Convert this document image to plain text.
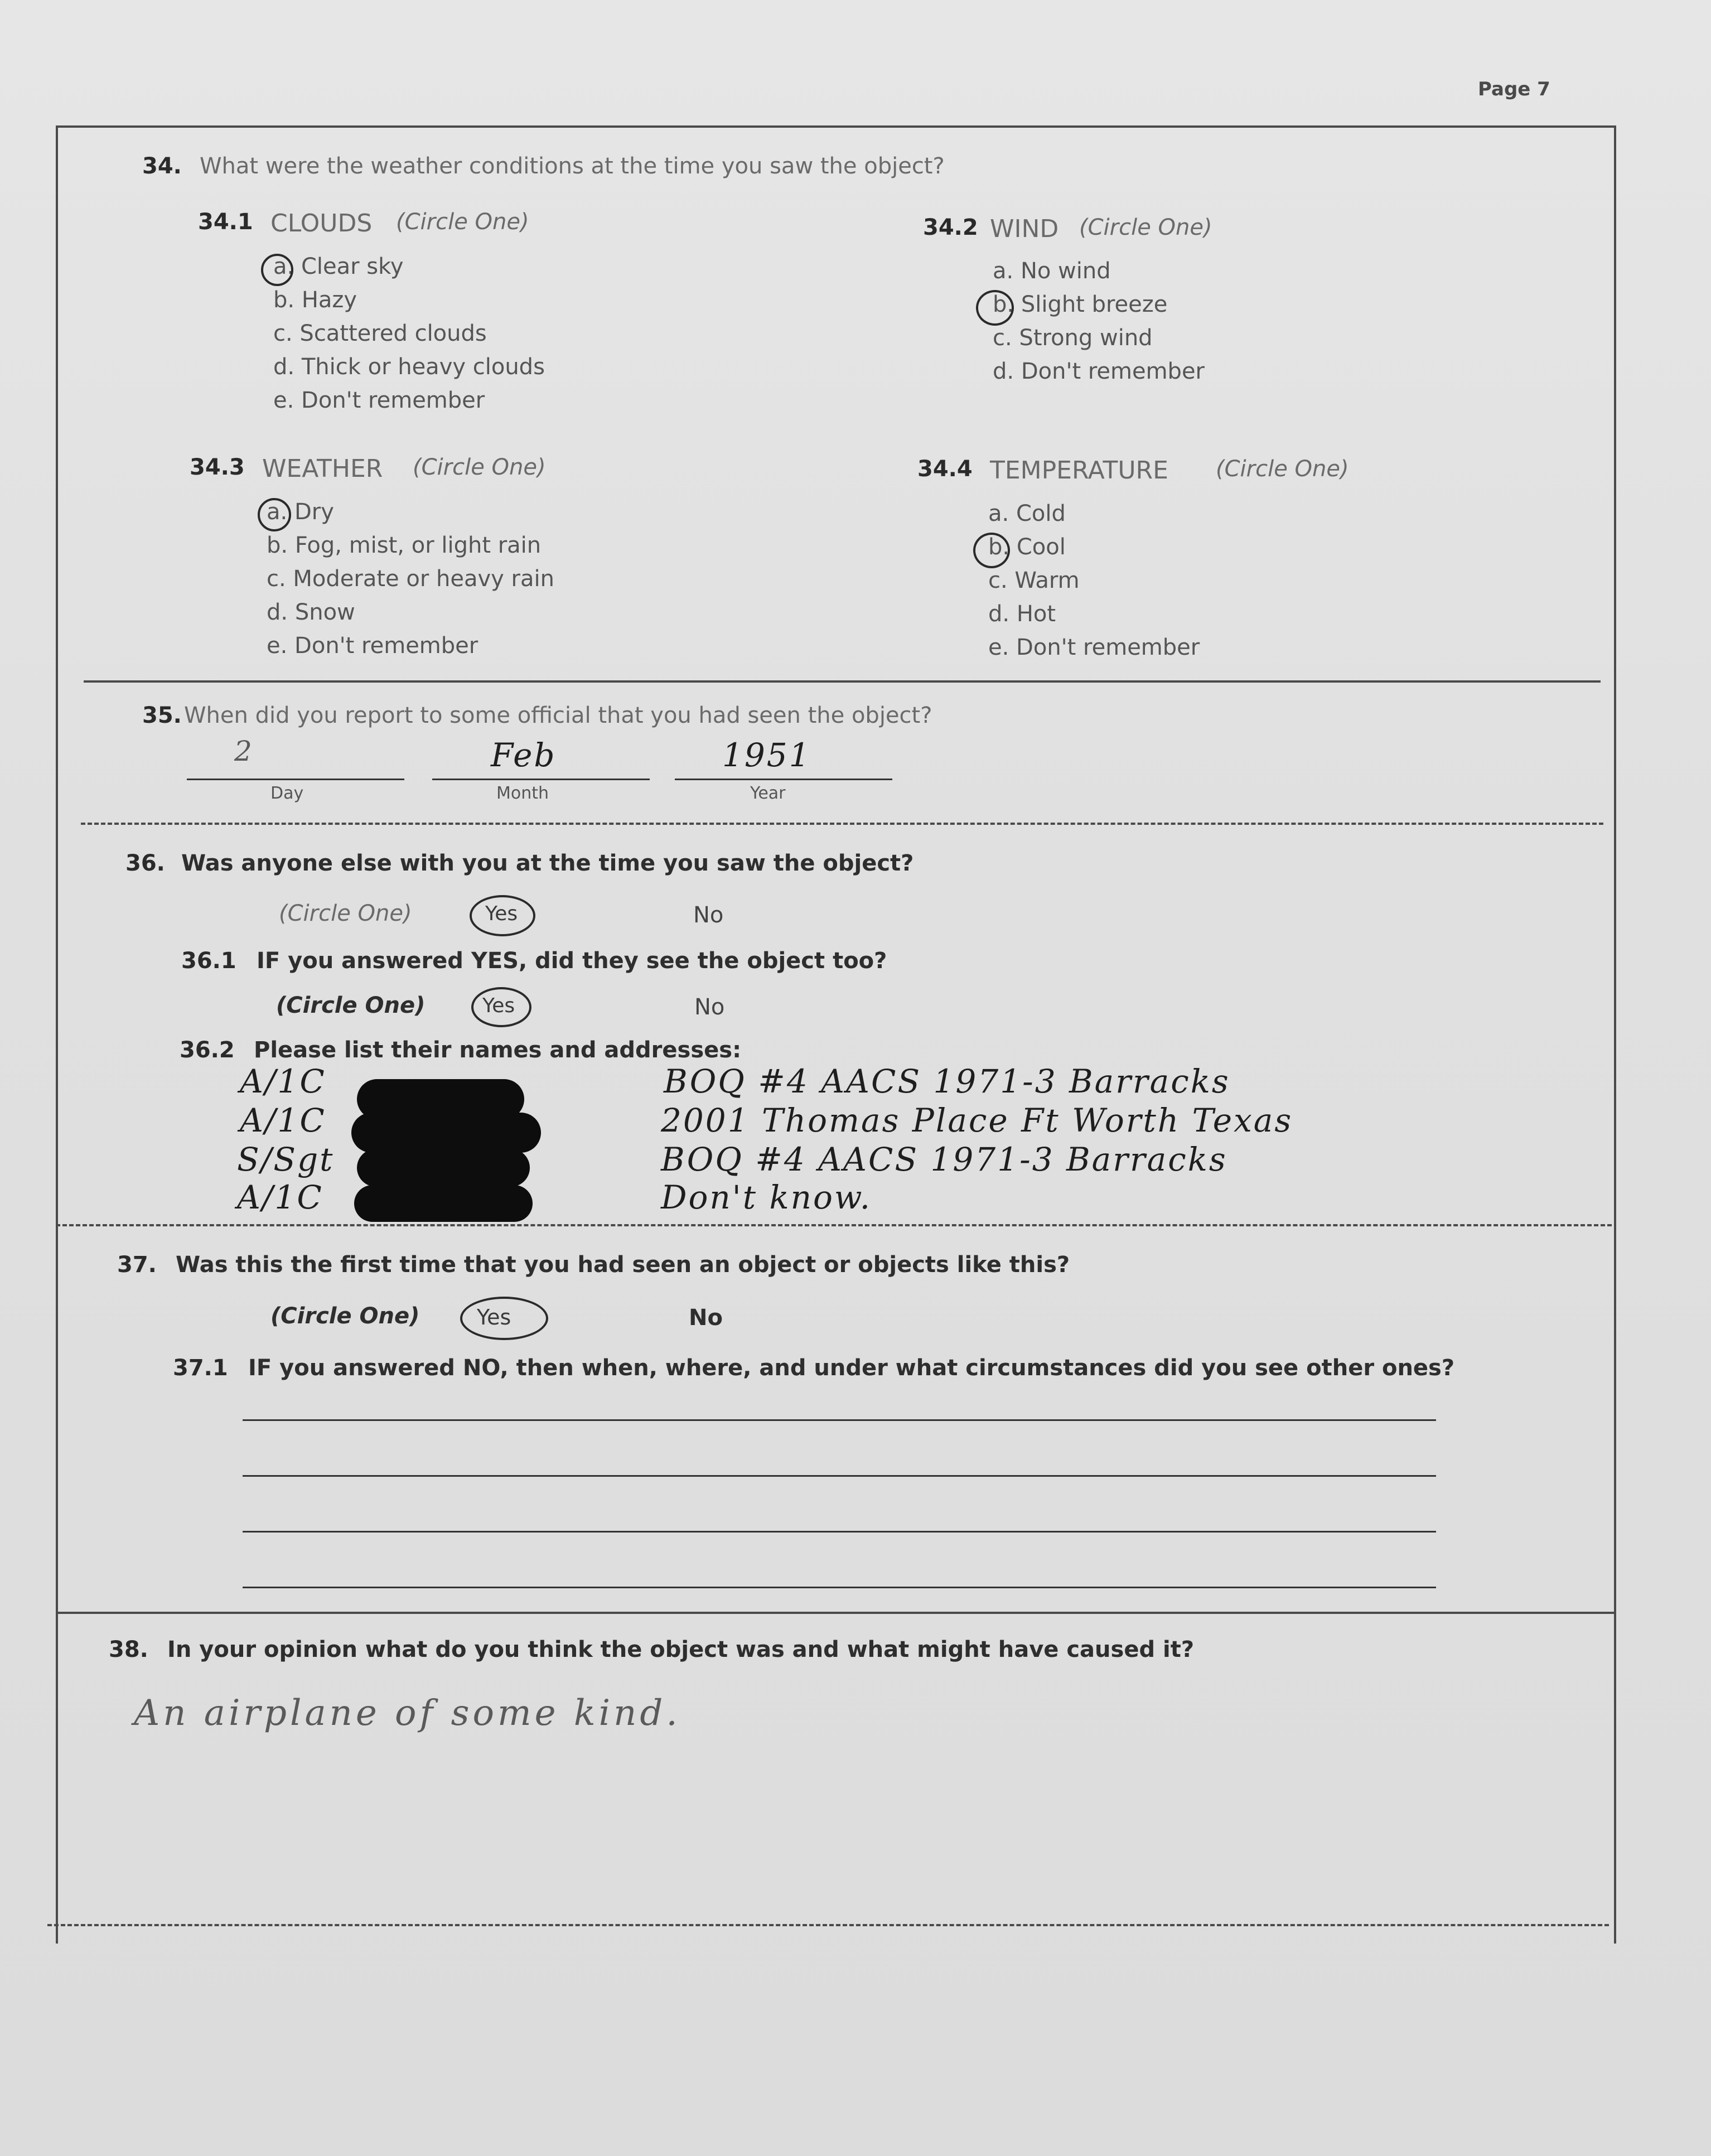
Page 7
34. What were the weather conditions at the time you saw the object?
34.1 CLOUDS (Circle One)
a. Clear sky
b. Hazy
c. Scattered clouds
d. Thick or heavy clouds
e. Don't remember
34.2 WIND (Circle One)
a. No wind
b. Slight breeze
c. Strong wind
d. Don't remember
34.3 WEATHER (Circle One)
a. Dry
b. Fog, mist, or light rain
c. Moderate or heavy rain
d. Snow
e. Don't remember
34.4 TEMPERATURE (Circle One)
a. Cold
b. Cool
c. Warm
d. Hot
e. Don't remember
35. When did you report to some official that you had seen the object?
2	Feb	1951
Day	Month	Year
36. Was anyone else with you at the time you saw the object?
(Circle One)	Yes	No
36.1 IF you answered YES, did they see the object too?
(Circle One)	Yes	No
36.2 Please list their names and addresses:
A/1C	BOQ #4 AACS 1971-3 Barracks
A/1C	2001 Thomas Place Ft Worth Texas
S/Sgt	BOQ #4 AACS 1971-3 Barracks
A/1C	Don't know.
37. Was this the first time that you had seen an object or objects like this?
(Circle One)	Yes	No
37.1 IF you answered NO, then when, where, and under what circumstances did you see other ones?
38. In your opinion what do you think the object was and what might have caused it?
An airplane of some kind.
